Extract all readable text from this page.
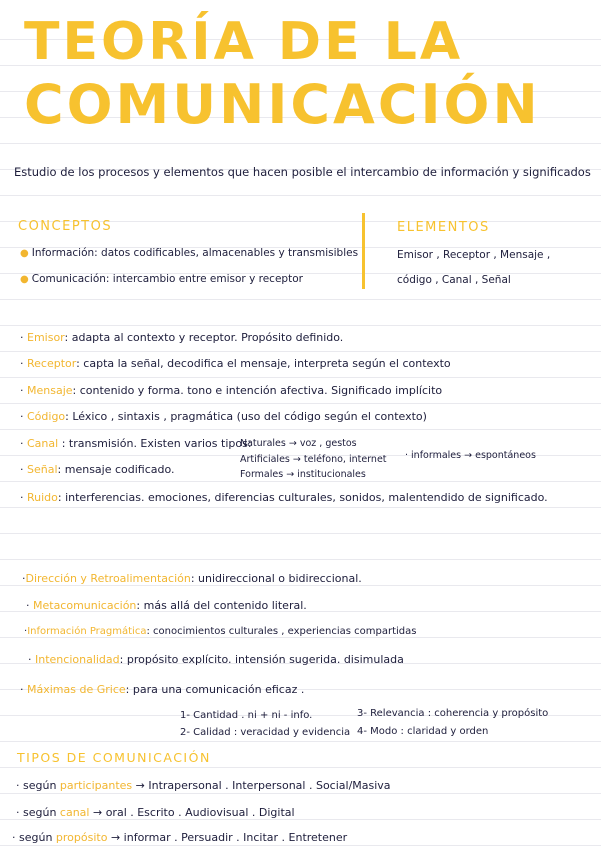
TEORÍA DE LA
COMUNICACIÓN
Estudio de los procesos y elementos que hacen posible el intercambio de información y significados
CONCEPTOS	ELEMENTOS
● Información: datos codificables, almacenables y transmisibles
● Comunicación: intercambio entre emisor y receptor
Emisor , Receptor , Mensaje ,
código , Canal , Señal
· Emisor: adapta al contexto y receptor. Propósito definido.
· Receptor: capta la señal, decodifica el mensaje, interpreta según el contexto
· Mensaje: contenido y forma. tono e intención afectiva. Significado implícito
· Código: Léxico , sintaxis , pragmática (uso del código según el contexto)
· Canal : transmisión. Existen varios tipos:
· Señal: mensaje codificado.
Naturales → voz , gestos
Artificiales → teléfono, internet
Formales → institucionales
· informales → espontáneos
· Ruido: interferencias. emociones, diferencias culturales, sonidos, malentendido de significado.
·Dirección y Retroalimentación: unidireccional o bidireccional.
· Metacomunicación: más allá del contenido literal.
·Información Pragmática: conocimientos culturales , experiencias compartidas
· Intencionalidad: propósito explícito. intensión sugerida. disimulada
· Máximas de Grice: para una comunicación eficaz .
1- Cantidad . ni + ni - info.
2- Calidad : veracidad y evidencia
3- Relevancia : coherencia y propósito
4- Modo : claridad y orden
TIPOS DE COMUNICACIÓN
· según participantes → Intrapersonal . Interpersonal . Social/Masiva
· según canal → oral . Escrito . Audiovisual . Digital
· según propósito → informar . Persuadir . Incitar . Entretener
